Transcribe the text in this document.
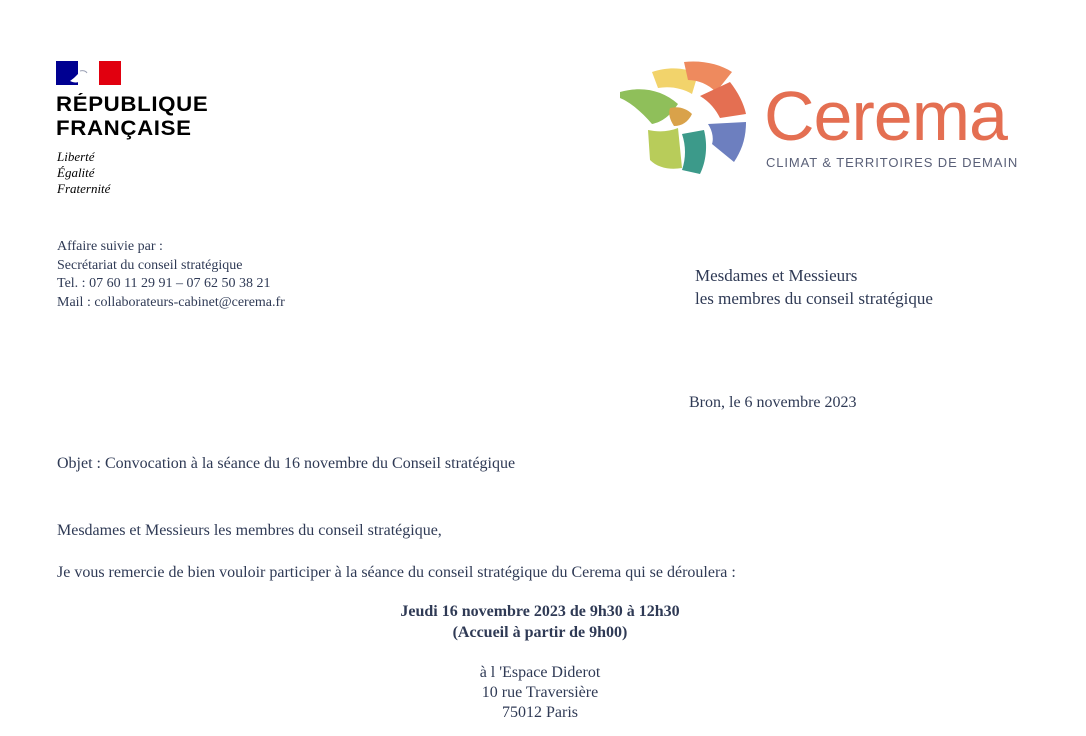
RÉPUBLIQUE
FRANÇAISE
Liberté
Égalité
Fraternité
Cerema
CLIMAT & TERRITOIRES DE DEMAIN
Affaire suivie par :
Secrétariat du conseil stratégique
Tel. : 07 60 11 29 91 – 07 62 50 38 21
Mail : collaborateurs-cabinet@cerema.fr
Mesdames et Messieurs
les membres du conseil stratégique
Bron, le 6 novembre 2023
Objet : Convocation à la séance du 16 novembre du Conseil stratégique
Mesdames et Messieurs les membres du conseil stratégique,
Je vous remercie de bien vouloir participer à la séance du conseil stratégique du Cerema qui se déroulera :
Jeudi 16 novembre 2023 de 9h30 à 12h30
(Accueil à partir de 9h00)
à l 'Espace Diderot
10 rue Traversière
75012 Paris
